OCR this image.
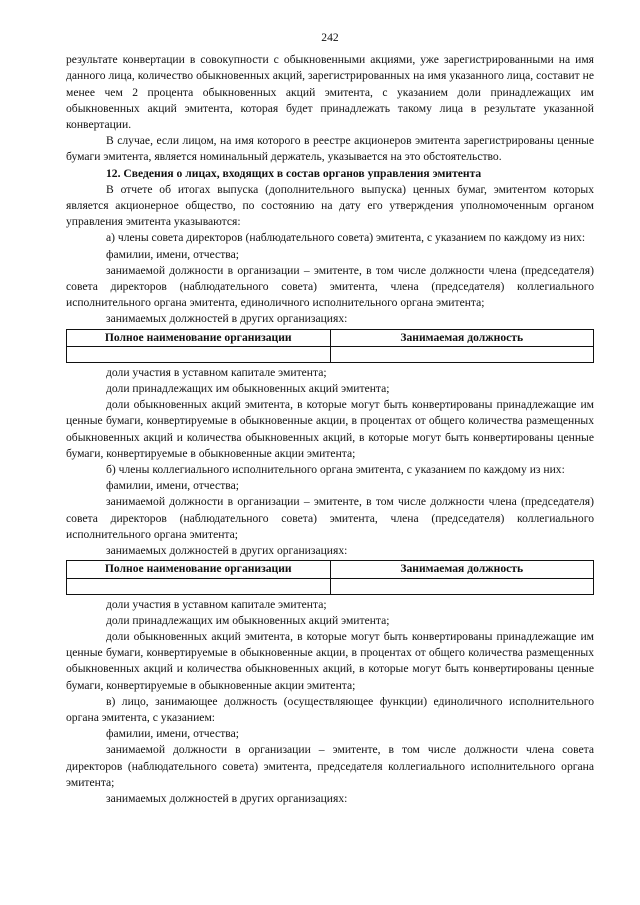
242
результате конвертации в совокупности с обыкновенными акциями, уже зарегистрированными на имя данного лица, количество обыкновенных акций, зарегистрированных на имя указанного лица, составит не менее чем 2 процента обыкновенных акций эмитента, с указанием доли принадлежащих им обыкновенных акций эмитента, которая будет принадлежать такому лица в результате указанной конвертации.
В случае, если лицом, на имя которого в реестре акционеров эмитента зарегистрированы ценные бумаги эмитента, является номинальный держатель, указывается на это обстоятельство.
12. Сведения о лицах, входящих в состав органов управления эмитента
В отчете об итогах выпуска (дополнительного выпуска) ценных бумаг, эмитентом которых является акционерное общество, по состоянию на дату его утверждения уполномоченным органом управления эмитента указываются:
а) члены совета директоров (наблюдательного совета) эмитента, с указанием по каждому из них:
фамилии, имени, отчества;
занимаемой должности в организации – эмитенте, в том числе должности члена (председателя) совета директоров (наблюдательного совета) эмитента, члена (председателя) коллегиального исполнительного органа эмитента, единоличного исполнительного органа эмитента;
занимаемых должностей в других организациях:
Полное наименование организации	Занимаемая должность

доли участия в уставном капитале эмитента;
доли принадлежащих им обыкновенных акций эмитента;
доли обыкновенных акций эмитента, в которые могут быть конвертированы принадлежащие им ценные бумаги, конвертируемые в обыкновенные акции, в процентах от общего количества размещенных обыкновенных акций и количества обыкновенных акций, в которые могут быть конвертированы ценные бумаги, конвертируемые в обыкновенные акции эмитента;
б) члены коллегиального исполнительного органа эмитента, с указанием по каждому из них:
фамилии, имени, отчества;
занимаемой должности в организации – эмитенте, в том числе должности члена (председателя) совета директоров (наблюдательного совета) эмитента, члена (председателя) коллегиального исполнительного органа эмитента;
занимаемых должностей в других организациях:
Полное наименование организации	Занимаемая должность

доли участия в уставном капитале эмитента;
доли принадлежащих им обыкновенных акций эмитента;
доли обыкновенных акций эмитента, в которые могут быть конвертированы принадлежащие им ценные бумаги, конвертируемые в обыкновенные акции, в процентах от общего количества размещенных обыкновенных акций и количества обыкновенных акций, в которые могут быть конвертированы ценные бумаги, конвертируемые в обыкновенные акции эмитента;
в) лицо, занимающее должность (осуществляющее функции) единоличного исполнительного органа эмитента, с указанием:
фамилии, имени, отчества;
занимаемой должности в организации – эмитенте, в том числе должности члена совета директоров (наблюдательного совета) эмитента, председателя коллегиального исполнительного органа эмитента;
занимаемых должностей в других организациях:
